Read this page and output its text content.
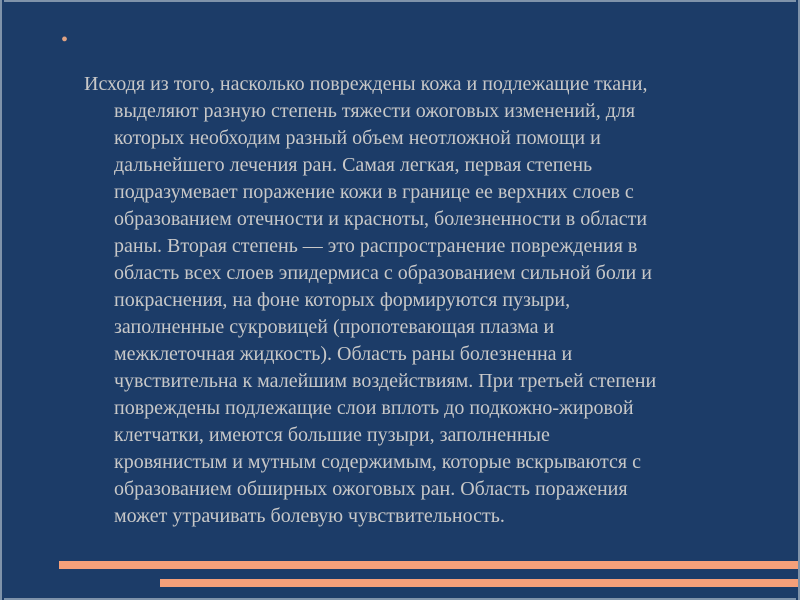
•

Исходя из того, насколько повреждены кожа и подлежащие ткани,
выделяют разную степень тяжести ожоговых изменений, для
которых необходим разный объем неотложной помощи и
дальнейшего лечения ран. Самая легкая, первая степень
подразумевает поражение кожи в границе ее верхних слоев с
образованием отечности и красноты, болезненности в области
раны. Вторая степень — это распространение повреждения в
область всех слоев эпидермиса с образованием сильной боли и
покраснения, на фоне которых формируются пузыри,
заполненные сукровицей (пропотевающая плазма и
межклеточная жидкость). Область раны болезненна и
чувствительна к малейшим воздействиям. При третьей степени
повреждены подлежащие слои вплоть до подкожно-жировой
клетчатки, имеются большие пузыри, заполненные
кровянистым и мутным содержимым, которые вскрываются с
образованием обширных ожоговых ран. Область поражения
может утрачивать болевую чувствительность.
